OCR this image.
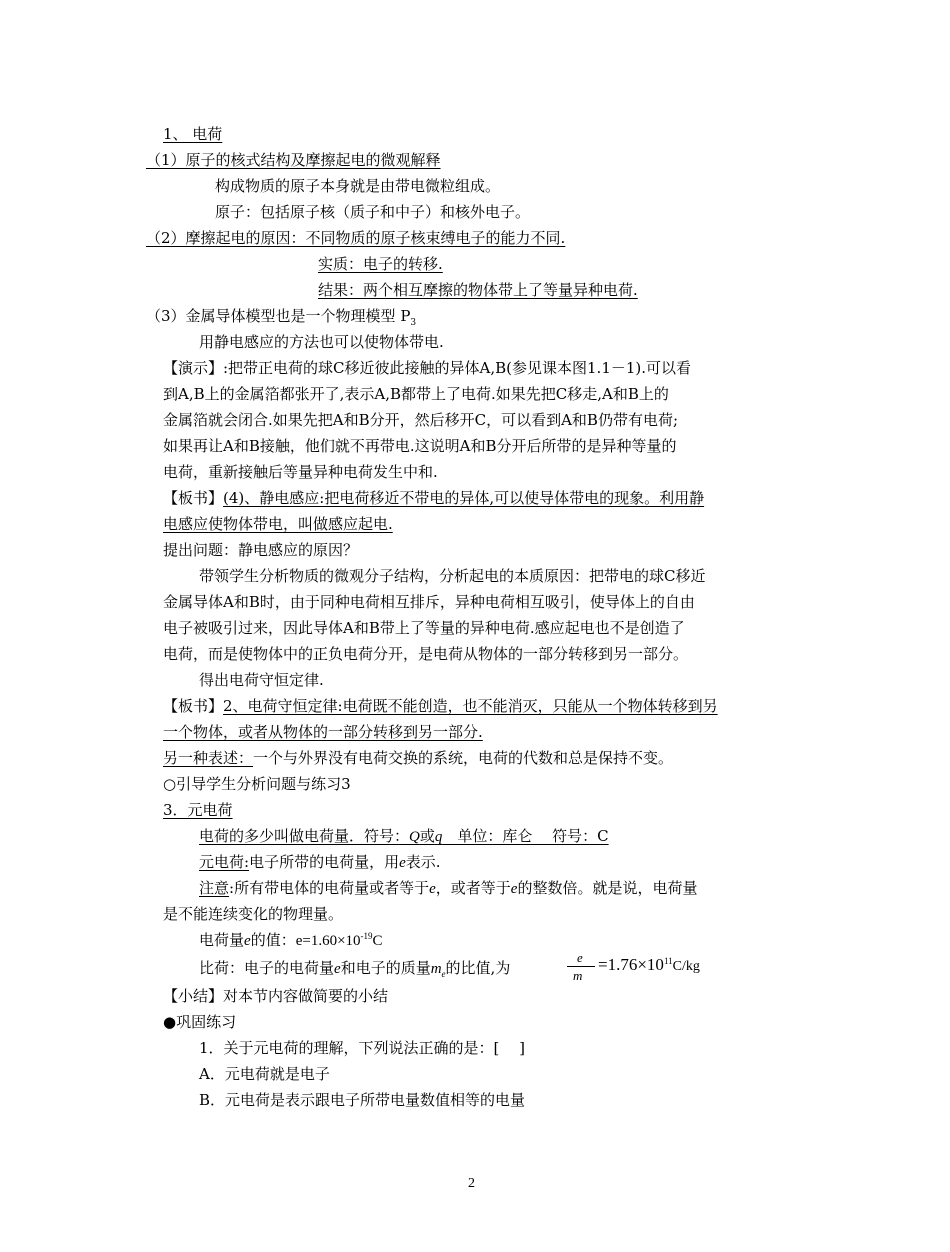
1、 电荷
（1）原子的核式结构及摩擦起电的微观解释
构成物质的原子本身就是由带电微粒组成。
原子：包括原子核（质子和中子）和核外电子。
（2）摩擦起电的原因：不同物质的原子核束缚电子的能力不同.
实质：电子的转移.
结果：两个相互摩擦的物体带上了等量异种电荷.
（3）金属导体模型也是一个物理模型 $P_3$
用静电感应的方法也可以使物体带电.
【演示】:把带正电荷的球C移近彼此接触的异体A,B(参见课本图1.1－1).可以看
到A,B上的金属箔都张开了,表示A,B都带上了电荷.如果先把C移走,A和B上的
金属箔就会闭合.如果先把A和B分开，然后移开C，可以看到A和B仍带有电荷;
如果再让A和B接触，他们就不再带电.这说明A和B分开后所带的是异种等量的
电荷，重新接触后等量异种电荷发生中和.
【板书】(4)、静电感应:把电荷移近不带电的异体,可以使导体带电的现象。利用静
电感应使物体带电，叫做感应起电.
提出问题：静电感应的原因？
带领学生分析物质的微观分子结构，分析起电的本质原因：把带电的球C移近
金属导体A和B时，由于同种电荷相互排斥，异种电荷相互吸引，使导体上的自由
电子被吸引过来，因此导体A和B带上了等量的异种电荷.感应起电也不是创造了
电荷，而是使物体中的正负电荷分开，是电荷从物体的一部分转移到另一部分。
得出电荷守恒定律.
【板书】2、电荷守恒定律:电荷既不能创造，也不能消灭，只能从一个物体转移到另
一个物体，或者从物体的一部分转移到另一部分.
另一种表述：一个与外界没有电荷交换的系统，电荷的代数和总是保持不变。
○引导学生分析问题与练习3
3．元电荷
电荷的多少叫做电荷量．符号：Q或q　单位：库仑　 符号：C
元电荷:电子所带的电荷量，用e表示.
注意:所有带电体的电荷量或者等于e，或者等于e的整数倍。就是说，电荷量
是不能连续变化的物理量。
电荷量e的值：$e=1.60\times 10^{-19}C$
比荷：电子的电荷量e和电子的质量$m_e$的比值,为
e
m
$=1.76\times 10^{11}C/kg$
【小结】对本节内容做简要的小结
●巩固练习
1．关于元电荷的理解，下列说法正确的是：[　 ]
A．元电荷就是电子
B．元电荷是表示跟电子所带电量数值相等的电量
2
